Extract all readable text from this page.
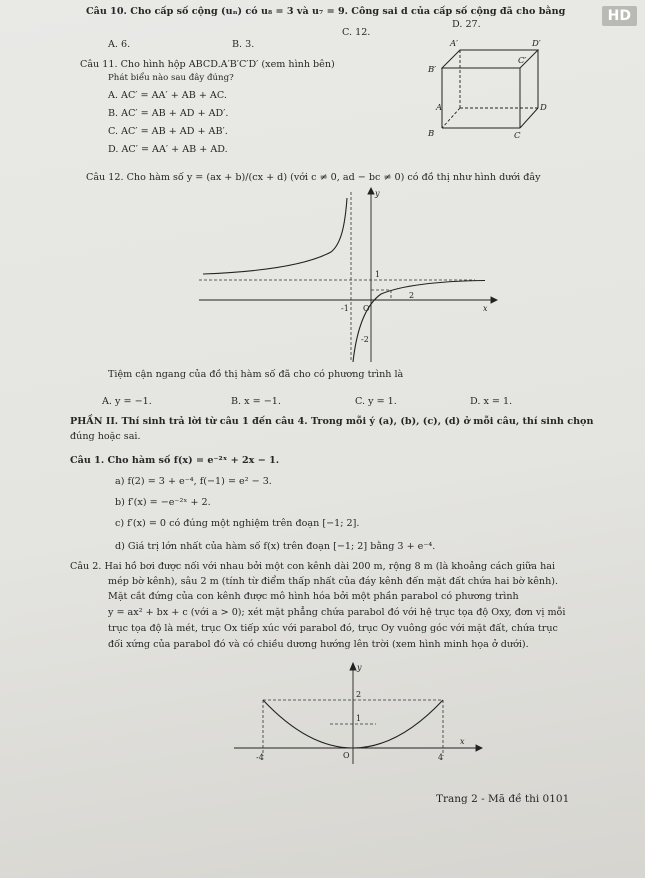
HD
Câu 10. Cho cấp số cộng (uₙ) có u₈ = 3 và u₇ = 9. Công sai d của cấp số cộng đã cho bằng
A. 6.	B. 3.
C. 12.
D. 27.
Câu 11. Cho hình hộp ABCD.A′B′C′D′ (xem hình bên)
Phát biểu nào sau đây đúng?
A. AC′ = AA′ + AB + AC.
B. AC′ = AB + AD + AD′.
C. AC′ = AB + AD + AB′.
D. AC′ = AA′ + AB + AD.
A′	D′
B′
C′
A	D
B	C
Câu 12. Cho hàm số y = (ax + b)/(cx + d) (với c ≠ 0, ad − bc ≠ 0) có đồ thị như hình dưới đây
y
x
O
1
-1
2
-2
Tiệm cận ngang của đồ thị hàm số đã cho có phương trình là
A. y = −1.	B. x = −1.	C. y = 1.	D. x = 1.
PHẦN II. Thí sinh trả lời từ câu 1 đến câu 4. Trong mỗi ý (a), (b), (c), (d) ở mỗi câu, thí sinh chọn
đúng hoặc sai.
Câu 1. Cho hàm số f(x) = e⁻²ˣ + 2x − 1.
a) f(2) = 3 + e⁻⁴, f(−1) = e² − 3.
b) f′(x) = −e⁻²ˣ + 2.
c) f′(x) = 0 có đúng một nghiệm trên đoạn [−1; 2].
d) Giá trị lớn nhất của hàm số f(x) trên đoạn [−1; 2] bằng 3 + e⁻⁴.
Câu 2. Hai hồ bơi được nối với nhau bởi một con kênh dài 200 m, rộng 8 m (là khoảng cách giữa hai
mép bờ kênh), sâu 2 m (tính từ điểm thấp nhất của đáy kênh đến mặt đất chứa hai bờ kênh).
Mặt cắt đứng của con kênh được mô hình hóa bởi một phần parabol có phương trình
y = ax² + bx + c (với a > 0); xét mặt phẳng chứa parabol đó với hệ trục tọa độ Oxy, đơn vị mỗi
trục tọa độ là mét, trục Ox tiếp xúc với parabol đó, trục Oy vuông góc với mặt đất, chứa trục
đối xứng của parabol đó và có chiều dương hướng lên trời (xem hình minh họa ở dưới).
y
x
O
2
1
-4	4
Trang 2 - Mã đề thi 0101
